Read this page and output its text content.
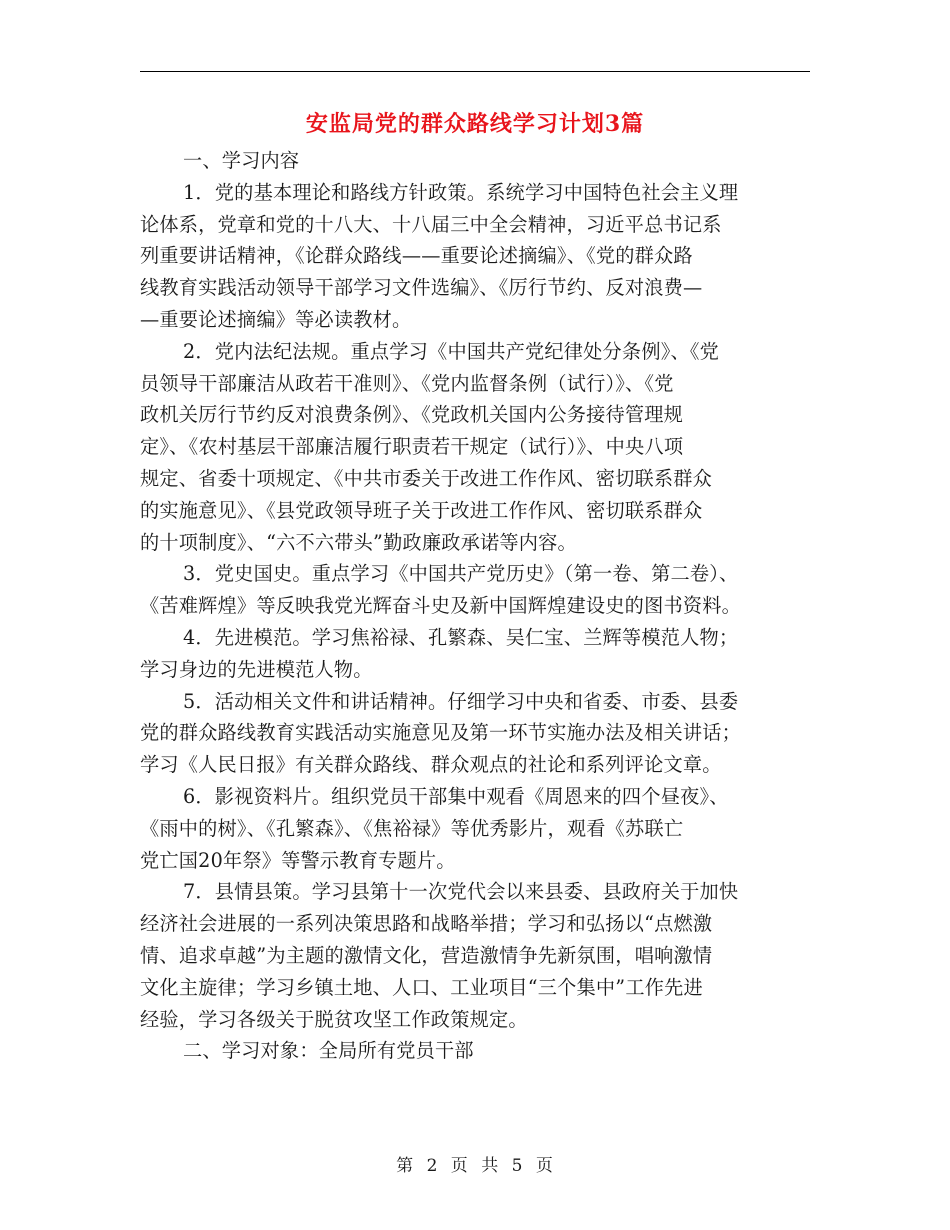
安监局党的群众路线学习计划3篇

一、学习内容

1．党的基本理论和路线方针政策。系统学习中国特色社会主义理
论体系，党章和党的十八大、十八届三中全会精神，习近平总书记系
列重要讲话精神，《论群众路线——重要论述摘编》、《党的群众路
线教育实践活动领导干部学习文件选编》、《厉行节约、反对浪费—
—重要论述摘编》等必读教材。

2．党内法纪法规。重点学习《中国共产党纪律处分条例》、《党
员领导干部廉洁从政若干准则》、《党内监督条例（试行）》、《党
政机关厉行节约反对浪费条例》、《党政机关国内公务接待管理规
定》、《农村基层干部廉洁履行职责若干规定（试行）》、中央八项
规定、省委十项规定、《中共市委关于改进工作作风、密切联系群众
的实施意见》、《县党政领导班子关于改进工作作风、密切联系群众
的十项制度》、“六不六带头”勤政廉政承诺等内容。

3．党史国史。重点学习《中国共产党历史》（第一卷、第二卷）、
《苦难辉煌》等反映我党光辉奋斗史及新中国辉煌建设史的图书资料。

4．先进模范。学习焦裕禄、孔繁森、吴仁宝、兰辉等模范人物；
学习身边的先进模范人物。

5．活动相关文件和讲话精神。仔细学习中央和省委、市委、县委
党的群众路线教育实践活动实施意见及第一环节实施办法及相关讲话；
学习《人民日报》有关群众路线、群众观点的社论和系列评论文章。

6．影视资料片。组织党员干部集中观看《周恩来的四个昼夜》、
《雨中的树》、《孔繁森》、《焦裕禄》等优秀影片，观看《苏联亡
党亡国20年祭》等警示教育专题片。

7．县情县策。学习县第十一次党代会以来县委、县政府关于加快
经济社会进展的一系列决策思路和战略举措；学习和弘扬以“点燃激
情、追求卓越”为主题的激情文化，营造激情争先新氛围，唱响激情
文化主旋律；学习乡镇土地、人口、工业项目“三个集中”工作先进
经验，学习各级关于脱贫攻坚工作政策规定。

二、学习对象：全局所有党员干部

第 2 页 共 5 页
